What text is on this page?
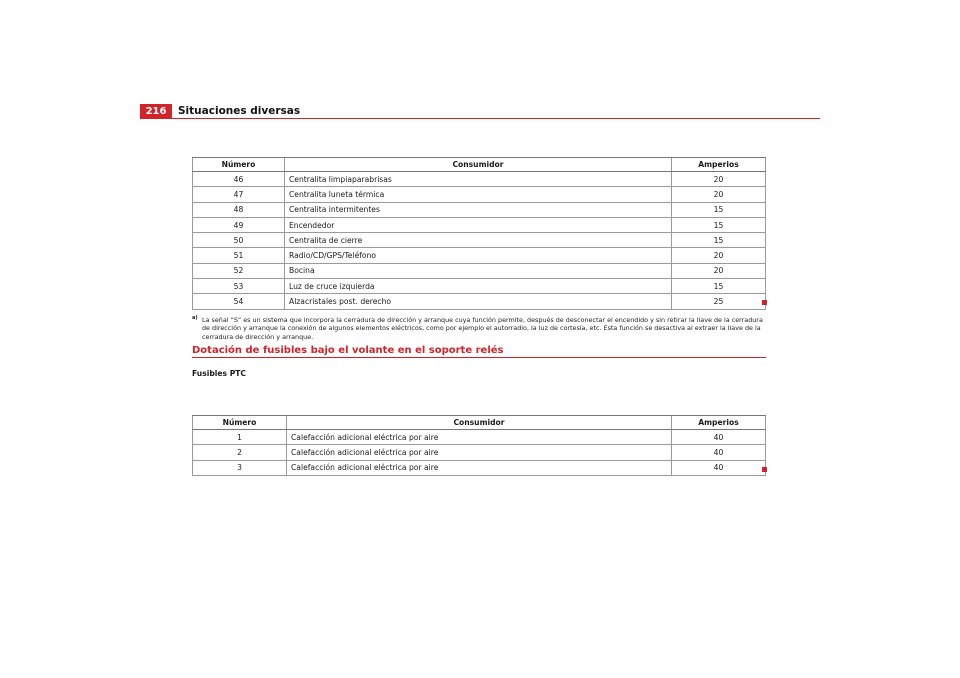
216	Situaciones diversas
Número	Consumidor	Amperios
46	Centralita limpiaparabrisas	20
47	Centralita luneta térmica	20
48	Centralita intermitentes	15
49	Encendedor	15
50	Centralita de cierre	15
51	Radio/CD/GPS/Teléfono	20
52	Bocina	20
53	Luz de cruce izquierda	15
54	Alzacristales post. derecho	25
a) La señal “S” es un sistema que incorpora la cerradura de dirección y arranque cuya función permite, después de desconectar el encendido y sin retirar la llave de la cerradura de dirección y arranque la conexión de algunos elementos eléctricos, como por ejemplo el autorradio, la luz de cortesía, etc. Esta función se desactiva al extraer la llave de la cerradura de dirección y arranque.
Dotación de fusibles bajo el volante en el soporte relés
Fusibles PTC
Número	Consumidor	Amperios
1	Calefacción adicional eléctrica por aire	40
2	Calefacción adicional eléctrica por aire	40
3	Calefacción adicional eléctrica por aire	40
